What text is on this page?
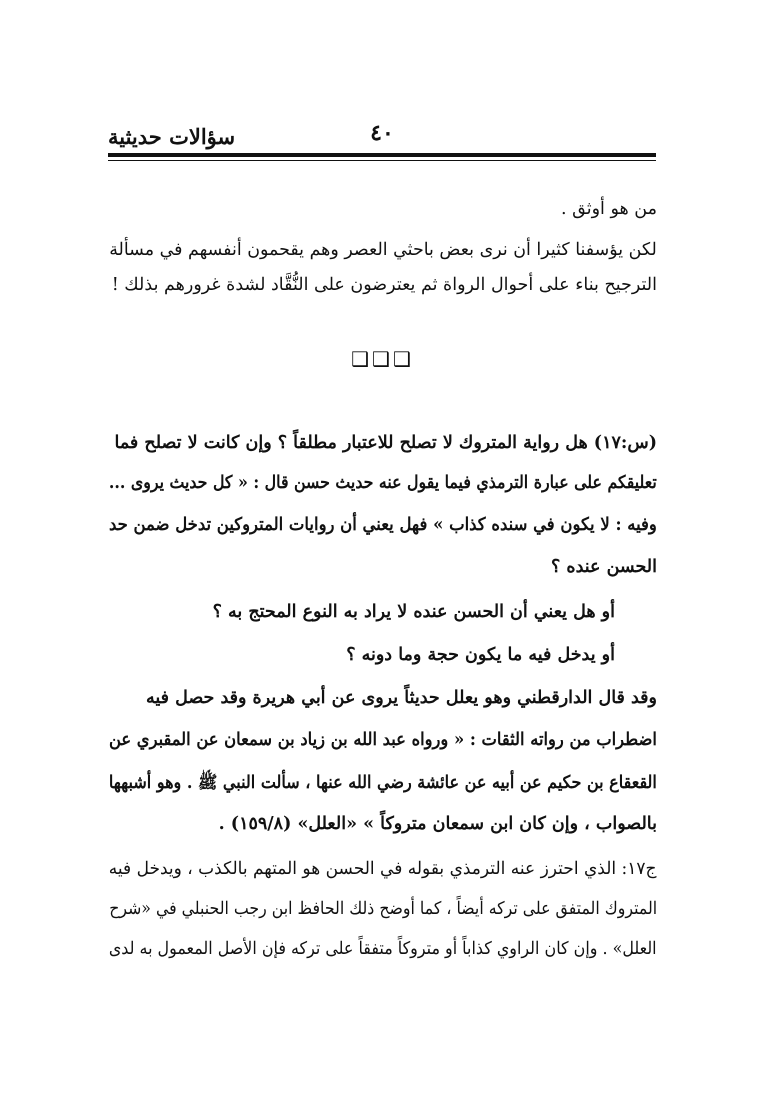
سؤالات حديثية	٤٠
من هو أوثق .
لكن يؤسفنا كثيرا أن نرى بعض باحثي العصر وهم يقحمون أنفسهم في مسألة
الترجيح بناء على أحوال الرواة ثم يعترضون على النُّقَّاد لشدة غرورهم بذلك !
❑❑❑
(س:١٧) هل رواية المتروك لا تصلح للاعتبار مطلقاً ؟ وإن كانت لا تصلح فما
تعليقكم على عبارة الترمذي فيما يقول عنه حديث حسن قال : « كل حديث يروى ...
وفيه : لا يكون في سنده كذاب » فهل يعني أن روايات المتروكين تدخل ضمن حد
الحسن عنده ؟
أو هل يعني أن الحسن عنده لا يراد به النوع المحتج به ؟
أو يدخل فيه ما يكون حجة وما دونه ؟
وقد قال الدارقطني وهو يعلل حديثاً يروى عن أبي هريرة وقد حصل فيه
اضطراب من رواته الثقات : « ورواه عبد الله بن زياد بن سمعان عن المقبري عن
القعقاع بن حكيم عن أبيه عن عائشة رضي الله عنها ، سألت النبي ﷺ . وهو أشبهها
بالصواب ، وإن كان ابن سمعان متروكاً » «العلل» (١٥٩/٨) .
ج١٧: الذي احترز عنه الترمذي بقوله في الحسن هو المتهم بالكذب ، ويدخل فيه
المتروك المتفق على تركه أيضاً ، كما أوضح ذلك الحافظ ابن رجب الحنبلي في «شرح
العلل» . وإن كان الراوي كذاباً أو متروكاً متفقاً على تركه فإن الأصل المعمول به لدى
